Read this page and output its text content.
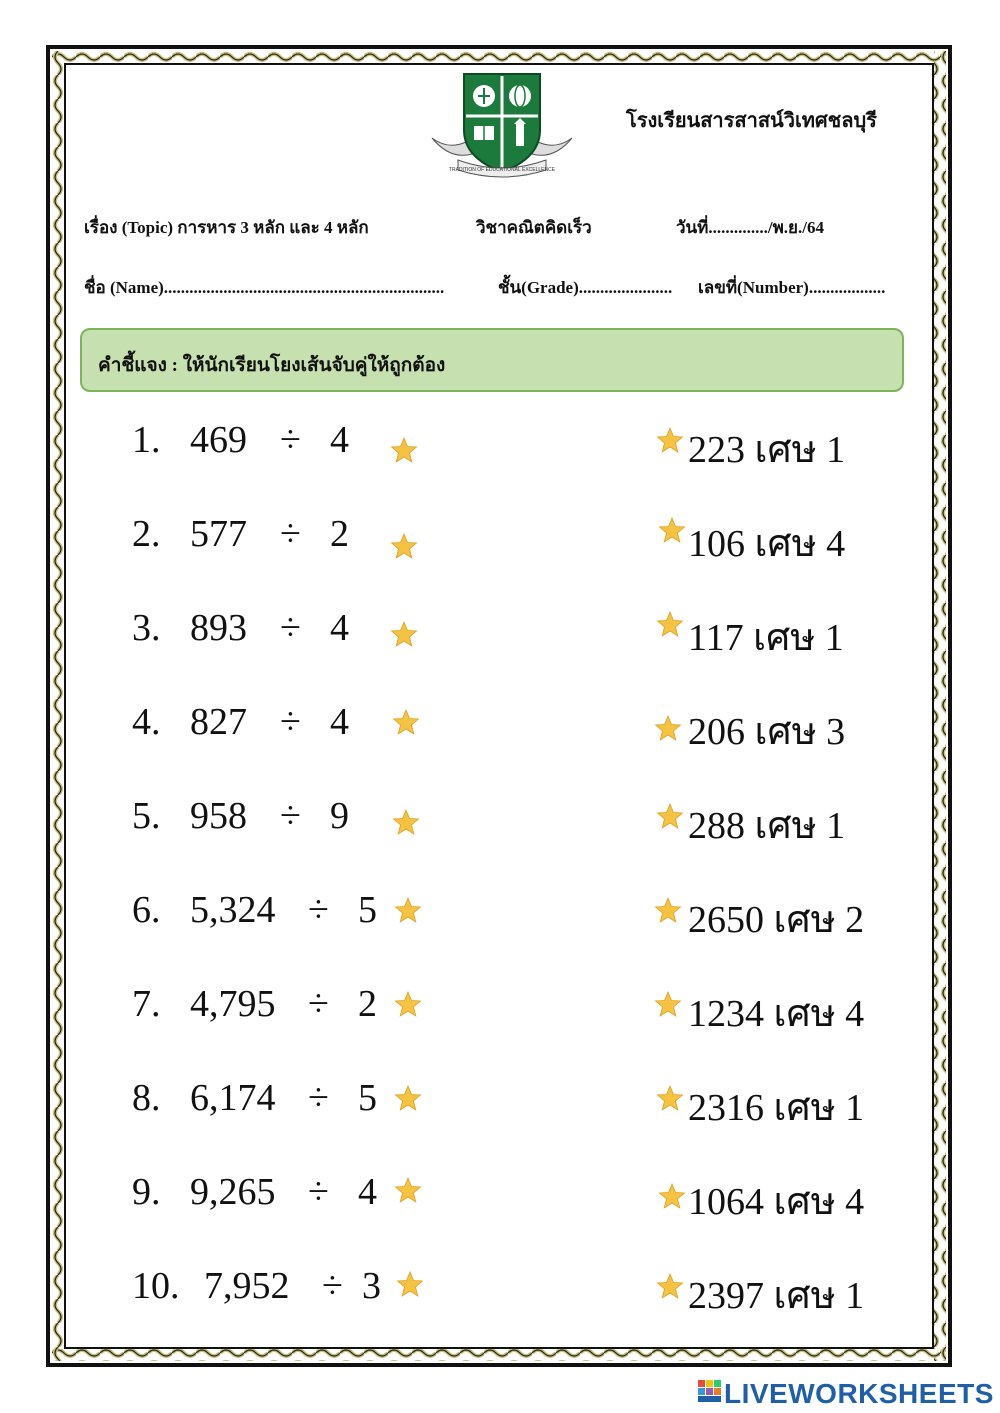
TRADITION OF EDUCATIONAL EXCELLENCE
โรงเรียนสารสาสน์วิเทศชลบุรี
เรื่อง (Topic) การหาร 3 หลัก และ 4 หลัก	วิชาคณิตคิดเร็ว	วันที่............../พ.ย./64
ชื่อ (Name)..................................................................	ชั้น(Grade)...................... เลขที่(Number)..................
คำชี้แจง : ให้นักเรียนโยงเส้นจับคู่ให้ถูกต้อง
1. 469 ÷ 4	223 เศษ 1
2. 577 ÷ 2	106 เศษ 4
3. 893 ÷ 4	117 เศษ 1
4. 827 ÷ 4	206 เศษ 3
5. 958 ÷ 9	288 เศษ 1
6. 5,324 ÷ 5	2650 เศษ 2
7. 4,795 ÷ 2	1234 เศษ 4
8. 6,174 ÷ 5	2316 เศษ 1
9. 9,265 ÷ 4	1064 เศษ 4
10. 7,952 ÷ 3	2397 เศษ 1
LIVEWORKSHEETS
